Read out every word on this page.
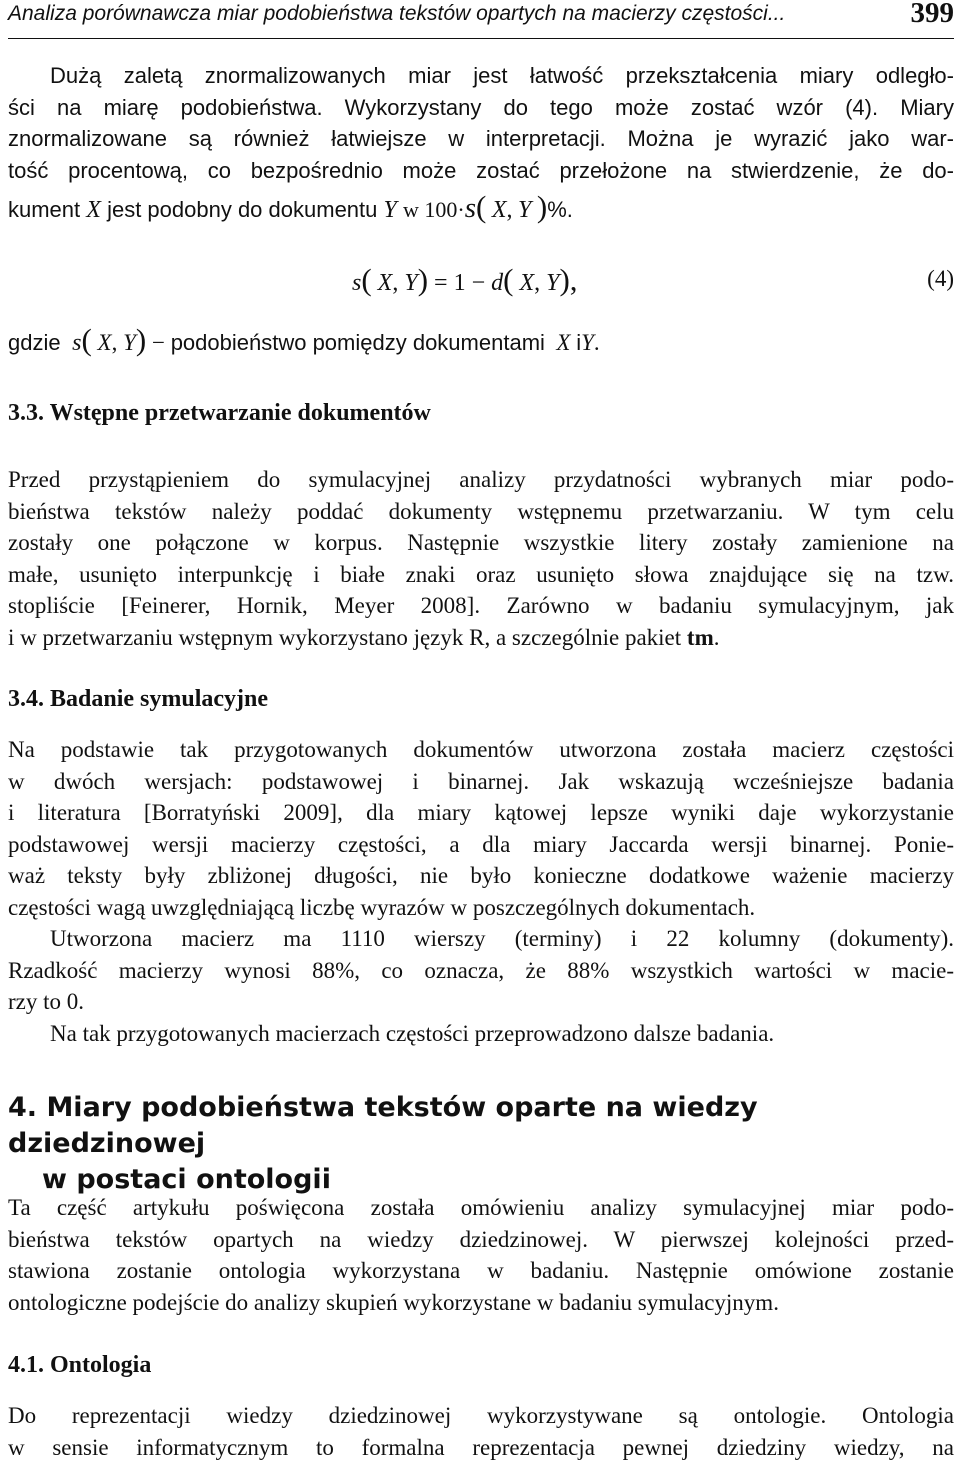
Analiza porównawcza miar podobieństwa tekstów opartych na macierzy częstości...	399
Dużą zaletą znormalizowanych miar jest łatwość przekształcenia miary odległo-
ści na miarę podobieństwa. Wykorzystany do tego może zostać wzór (4). Miary
znormalizowane są również łatwiejsze w interpretacji. Można je wyrazić jako war-
tość procentową, co bezpośrednio może zostać przełożone na stwierdzenie, że do-
kument X jest podobny do dokumentu Y w 100·s( X, Y )%.
s( X, Y) = 1 − d( X, Y),	(4)
gdzie s( X, Y) − podobieństwo pomiędzy dokumentami X iY.
3.3. Wstępne przetwarzanie dokumentów
Przed przystąpieniem do symulacyjnej analizy przydatności wybranych miar podo-
bieństwa tekstów należy poddać dokumenty wstępnemu przetwarzaniu. W tym celu
zostały one połączone w korpus. Następnie wszystkie litery zostały zamienione na
małe, usunięto interpunkcję i białe znaki oraz usunięto słowa znajdujące się na tzw.
stopliście [Feinerer, Hornik, Meyer 2008]. Zarówno w badaniu symulacyjnym, jak
i w przetwarzaniu wstępnym wykorzystano język R, a szczególnie pakiet tm.
3.4. Badanie symulacyjne
Na podstawie tak przygotowanych dokumentów utworzona została macierz częstości
w dwóch wersjach: podstawowej i binarnej. Jak wskazują wcześniejsze badania
i literatura [Borratyński 2009], dla miary kątowej lepsze wyniki daje wykorzystanie
podstawowej wersji macierzy częstości, a dla miary Jaccarda wersji binarnej. Ponie-
waż teksty były zbliżonej długości, nie było konieczne dodatkowe ważenie macierzy
częstości wagą uwzględniającą liczbę wyrazów w poszczególnych dokumentach.
Utworzona macierz ma 1110 wierszy (terminy) i 22 kolumny (dokumenty).
Rzadkość macierzy wynosi 88%, co oznacza, że 88% wszystkich wartości w macie-
rzy to 0.
Na tak przygotowanych macierzach częstości przeprowadzono dalsze badania.
4. Miary podobieństwa tekstów oparte na wiedzy dziedzinowej
w postaci ontologii
Ta część artykułu poświęcona została omówieniu analizy symulacyjnej miar podo-
bieństwa tekstów opartych na wiedzy dziedzinowej. W pierwszej kolejności przed-
stawiona zostanie ontologia wykorzystana w badaniu. Następnie omówione zostanie
ontologiczne podejście do analizy skupień wykorzystane w badaniu symulacyjnym.
4.1. Ontologia
Do reprezentacji wiedzy dziedzinowej wykorzystywane są ontologie. Ontologia
w sensie informatycznym to formalna reprezentacja pewnej dziedziny wiedzy, na
